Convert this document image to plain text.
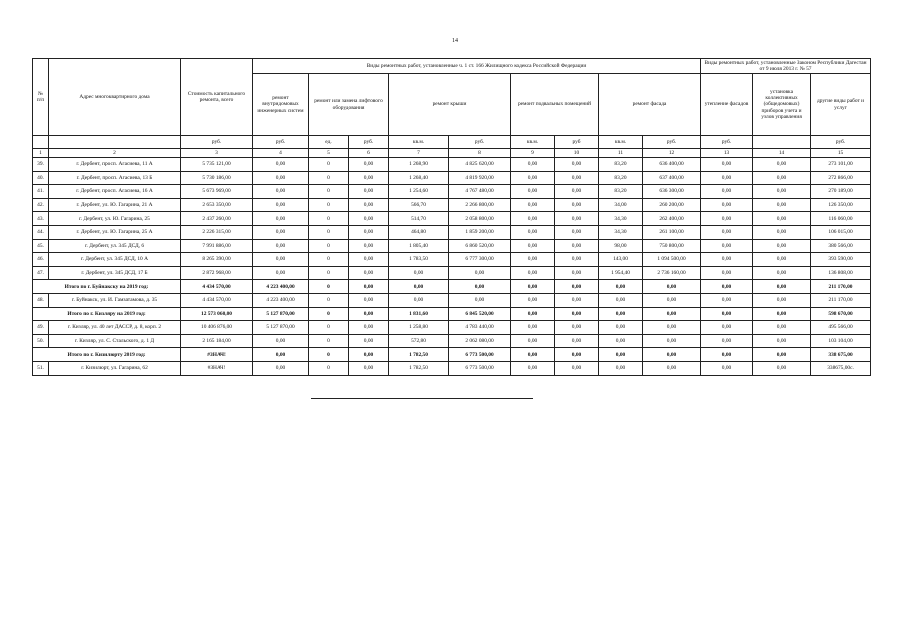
14
№
п/п	Адрес многоквартирного дома	Стоимость капитального ремонта, всего	Виды ремонтных работ, установленные ч. 1 ст. 166 Жилищного кодекса Российской Федерации									Виды ремонтных работ, установленные Законом Республики Дагестан от 9 июля 2013 г. № 57		
			ремонт внутридомовых инженерных систем	ремонт или замена лифтового оборудования		ремонт крыши		ремонт подвальных помещений		ремонт фасада		утепление фасадов	установка коллективных (общедомовых) приборов учета и узлов управления	другие виды работ и услуг
		руб.	руб.	ед.	руб.	кв.м.	руб.	кв.м.	руб	кв.м.	руб.	руб.		руб.
1	2	3	4	5	6	7	8	9	10	11	12	13	14	15
39.	г. Дербент, просп. Агасиева, 11 А	5 735 121,00	0,00	0	0,00	1 268,90	4 825 620,00	0,00	0,00	83,20	636 400,00	0,00	0,00	273 101,00
40.	г. Дербент, просп. Агасиева, 13 Б	5 730 186,00	0,00	0	0,00	1 268,40	4 819 920,00	0,00	0,00	83,20	637 400,00	0,00	0,00	272 866,00
41.	г. Дербент, просп. Агасиева, 16 А	5 673 969,00	0,00	0	0,00	1 254,60	4 767 480,00	0,00	0,00	83,20	636 300,00	0,00	0,00	270 189,00
42.	г. Дербент, ул. Ю. Гагарина, 21 А	2 653 350,00	0,00	0	0,00	566,70	2 266 800,00	0,00	0,00	34,00	260 200,00	0,00	0,00	126 350,00
43.	г. Дербент, ул. Ю. Гагарина, 25	2 437 260,00	0,00	0	0,00	514,70	2 058 800,00	0,00	0,00	34,30	262 400,00	0,00	0,00	116 060,00
44.	г. Дербент, ул. Ю. Гагарина, 25 А	2 226 315,00	0,00	0	0,00	464,80	1 859 200,00	0,00	0,00	34,30	261 100,00	0,00	0,00	106 015,00
45.	г. Дербент, ул. 345 ДСД, 6	7 991 886,00	0,00	0	0,00	1 805,40	6 860 520,00	0,00	0,00	98,00	750 800,00	0,00	0,00	380 566,00
46.	г. Дербент, ул. 345 ДСД, 10 А	8 265 390,00	0,00	0	0,00	1 783,50	6 777 300,00	0,00	0,00	143,00	1 094 500,00	0,00	0,00	393 590,00
47.	г. Дербент, ул. 345 ДСД, 17 Б	2 872 968,00	0,00	0	0,00	0,00	0,00	0,00	0,00	1 954,40	2 736 160,00	0,00	0,00	136 808,00
Итого по г. Буйнакску на 2019 год:		4 434 570,00	4 223 400,00	0	0,00	0,00	0,00	0,00	0,00	0,00	0,00	0,00	0,00	211 170,00
48.	г. Буйнакск, ул. И. Гамзатамова, д. 35	4 434 570,00	4 223 400,00	0	0,00	0,00	0,00	0,00	0,00	0,00	0,00	0,00	0,00	211 170,00
Итого по г. Кизляру на 2019 год:		12 573 060,00	5 127 870,00	0	0,00	1 831,60	6 845 520,00	0,00	0,00	0,00	0,00	0,00	0,00	598 670,00
49.	г. Кизляр, ул. 40 лет ДАССР, д. 8, корп. 2	10 406 876,00	5 127 870,00	0	0,00	1 258,80	4 783 440,00	0,00	0,00	0,00	0,00	0,00	0,00	495 566,00
50.	г. Кизляр, ул. С. Стальского, д. 1 Д	2 165 184,00	0,00	0	0,00	572,80	2 062 080,00	0,00	0,00	0,00	0,00	0,00	0,00	103 104,00
Итого по г. Кизилюрту 2019 год:		#ЗНАЧ!	0,00	0	0,00	1 782,50	6 773 500,00	0,00	0,00	0,00	0,00	0,00	0,00	338 675,00
51.	г. Кизилюрт, ул. Гагарина, 62	#ЗНАЧ!	0,00	0	0,00	1 782,50	6 773 500,00	0,00	0,00	0,00	0,00	0,00	0,00	338675,00с.
